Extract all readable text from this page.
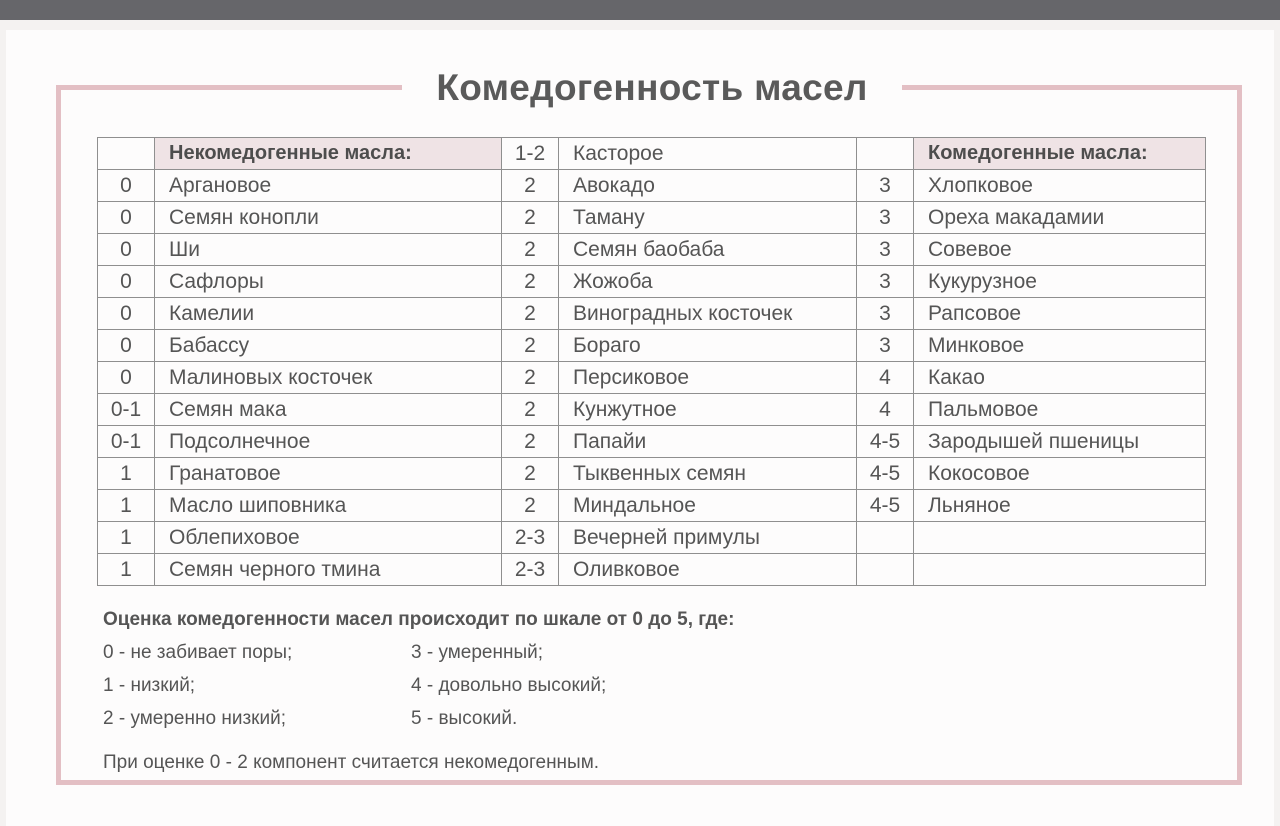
Комедогенность масел
	Некомедогенные масла:	1-2	Касторое		Комедогенные масла:
0	Аргановое	2	Авокадо	3	Хлопковое
0	Семян конопли	2	Таману	3	Ореха макадамии
0	Ши	2	Семян баобаба	3	Совевое
0	Сафлоры	2	Жожоба	3	Кукурузное
0	Камелии	2	Виноградных косточек	3	Рапсовое
0	Бабассу	2	Бораго	3	Минковое
0	Малиновых косточек	2	Персиковое	4	Какао
0-1	Семян мака	2	Кунжутное	4	Пальмовое
0-1	Подсолнечное	2	Папайи	4-5	Зародышей пшеницы
1	Гранатовое	2	Тыквенных семян	4-5	Кокосовое
1	Масло шиповника	2	Миндальное	4-5	Льняное
1	Облепиховое	2-3	Вечерней примулы		
1	Семян черного тмина	2-3	Оливковое		
Оценка комедогенности масел происходит по шкале от 0 до 5, где:
0 - не забивает поры;	3 - умеренный;
1 - низкий;	4 - довольно высокий;
2 - умеренно низкий;	5 - высокий.
При оценке 0 - 2 компонент считается некомедогенным.
